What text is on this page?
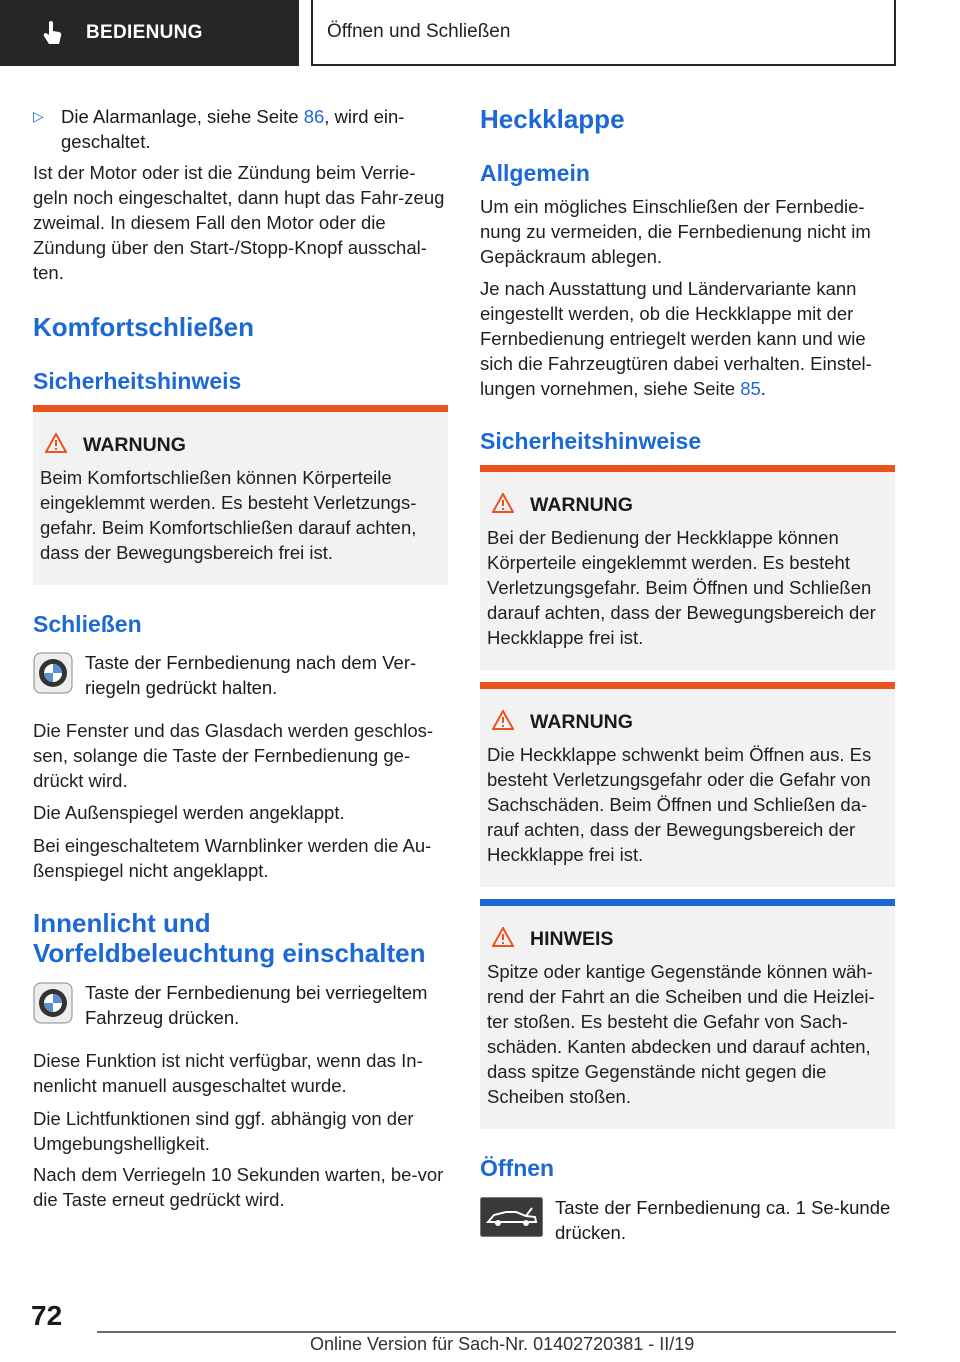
BEDIENUNG	Öffnen und Schließen
▷ Die Alarmanlage, siehe Seite 86, wird ein-geschaltet.

Ist der Motor oder ist die Zündung beim Verrie-geln noch eingeschaltet, dann hupt das Fahr-zeug zweimal. In diesem Fall den Motor oder die Zündung über den Start-/Stopp-Knopf ausschal-ten.

Komfortschließen
Sicherheitshinweis
WARNUNG
Beim Komfortschließen können Körperteile eingeklemmt werden. Es besteht Verletzungs-gefahr. Beim Komfortschließen darauf achten, dass der Bewegungsbereich frei ist.
Schließen
Taste der Fernbedienung nach dem Ver-riegeln gedrückt halten.

Die Fenster und das Glasdach werden geschlos-sen, solange die Taste der Fernbedienung ge-drückt wird.

Die Außenspiegel werden angeklappt.

Bei eingeschaltetem Warnblinker werden die Au-ßenspiegel nicht angeklappt.

Innenlicht und Vorfeldbeleuchtung einschalten
Taste der Fernbedienung bei verriegeltem Fahrzeug drücken.

Diese Funktion ist nicht verfügbar, wenn das In-nenlicht manuell ausgeschaltet wurde.

Die Lichtfunktionen sind ggf. abhängig von der Umgebungshelligkeit.

Nach dem Verriegeln 10 Sekunden warten, be-vor die Taste erneut gedrückt wird.

Heckklappe
Allgemein

Um ein mögliches Einschließen der Fernbedie-nung zu vermeiden, die Fernbedienung nicht im Gepäckraum ablegen.

Je nach Ausstattung und Ländervariante kann eingestellt werden, ob die Heckklappe mit der Fernbedienung entriegelt werden kann und wie sich die Fahrzeugtüren dabei verhalten. Einstel-lungen vornehmen, siehe Seite 85.

Sicherheitshinweise
WARNUNG
Bei der Bedienung der Heckklappe können Körperteile eingeklemmt werden. Es besteht Verletzungsgefahr. Beim Öffnen und Schließen darauf achten, dass der Bewegungsbereich der Heckklappe frei ist.
WARNUNG
Die Heckklappe schwenkt beim Öffnen aus. Es besteht Verletzungsgefahr oder die Gefahr von Sachschäden. Beim Öffnen und Schließen da-rauf achten, dass der Bewegungsbereich der Heckklappe frei ist.
HINWEIS
Spitze oder kantige Gegenstände können wäh-rend der Fahrt an die Scheiben und die Heizlei-ter stoßen. Es besteht die Gefahr von Sach-schäden. Kanten abdecken und darauf achten, dass spitze Gegenstände nicht gegen die Scheiben stoßen.
Öffnen
Taste der Fernbedienung ca. 1 Se-kunde drücken.
72
Online Version für Sach-Nr. 01402720381 - II/19
